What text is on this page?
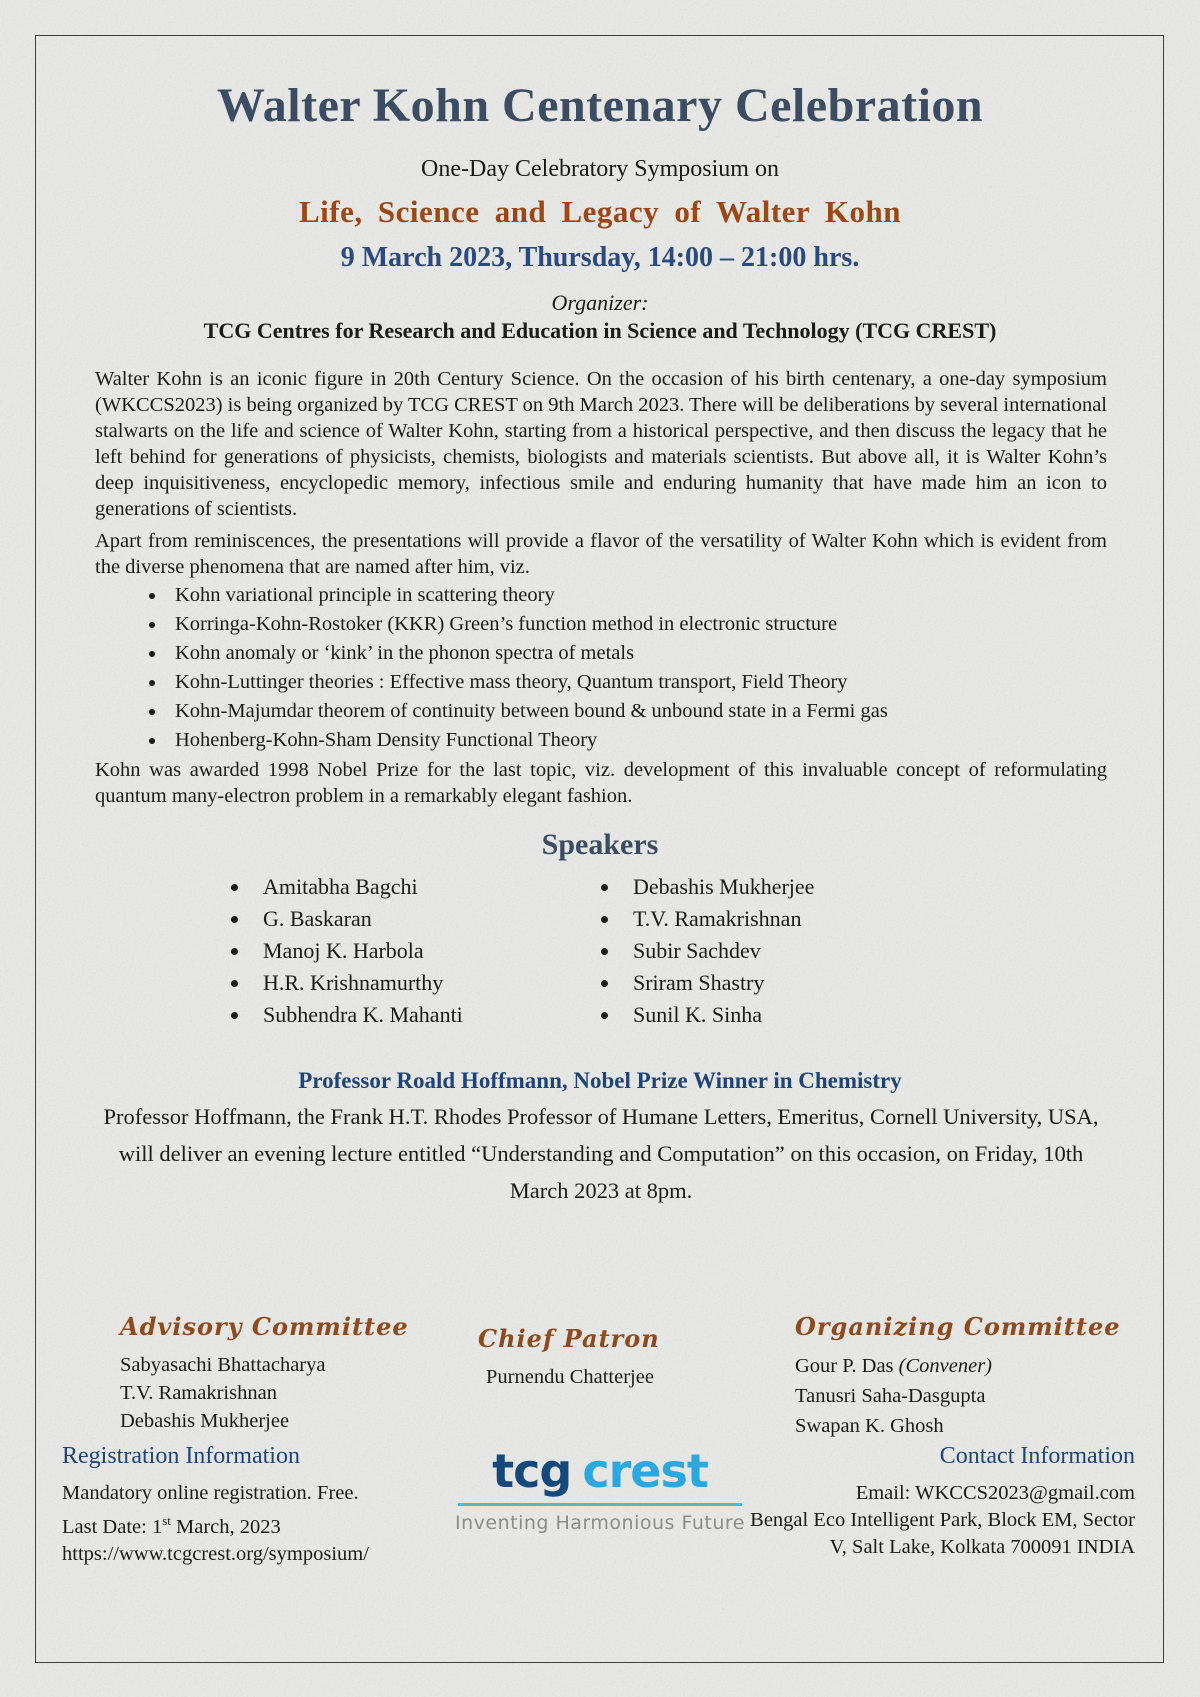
Walter Kohn Centenary Celebration
One-Day Celebratory Symposium on
Life, Science and Legacy of Walter Kohn
9 March 2023, Thursday, 14:00 – 21:00 hrs.
Organizer:
TCG Centres for Research and Education in Science and Technology (TCG CREST)

Walter Kohn is an iconic figure in 20th Century Science. On the occasion of his birth centenary, a one-day symposium (WKCCS2023) is being organized by TCG CREST on 9th March 2023. There will be deliberations by several international stalwarts on the life and science of Walter Kohn, starting from a historical perspective, and then discuss the legacy that he left behind for generations of physicists, chemists, biologists and materials scientists. But above all, it is Walter Kohn’s deep inquisitiveness, encyclopedic memory, infectious smile and enduring humanity that have made him an icon to generations of scientists.

Apart from reminiscences, the presentations will provide a flavor of the versatility of Walter Kohn which is evident from the diverse phenomena that are named after him, viz.

• Kohn variational principle in scattering theory
• Korringa-Kohn-Rostoker (KKR) Green’s function method in electronic structure
• Kohn anomaly or ‘kink’ in the phonon spectra of metals
• Kohn-Luttinger theories : Effective mass theory, Quantum transport, Field Theory
• Kohn-Majumdar theorem of continuity between bound & unbound state in a Fermi gas
• Hohenberg-Kohn-Sham Density Functional Theory

Kohn was awarded 1998 Nobel Prize for the last topic, viz. development of this invaluable concept of reformulating quantum many-electron problem in a remarkably elegant fashion.

Speakers
• Amitabha Bagchi
• G. Baskaran
• Manoj K. Harbola
• H.R. Krishnamurthy
• Subhendra K. Mahanti
• Debashis Mukherjee
• T.V. Ramakrishnan
• Subir Sachdev
• Sriram Shastry
• Sunil K. Sinha
Professor Roald Hoffmann, Nobel Prize Winner in Chemistry

Professor Hoffmann, the Frank H.T. Rhodes Professor of Humane Letters, Emeritus, Cornell University, USA, will deliver an evening lecture entitled “Understanding and Computation” on this occasion, on Friday, 10th March 2023 at 8pm.

Advisory Committee
Sabyasachi Bhattacharya
T.V. Ramakrishnan
Debashis Mukherjee
Chief Patron
Purnendu Chatterjee
Organizing Committee
Gour P. Das (Convener)
Tanusri Saha-Dasgupta
Swapan K. Ghosh
Registration Information
Mandatory online registration. Free.
Last Date: 1st March, 2023
https://www.tcgcrest.org/symposium/
tcg crest
Inventing Harmonious Future
Contact Information
Email: WKCCS2023@gmail.com
Bengal Eco Intelligent Park, Block EM, Sector
V, Salt Lake, Kolkata 700091 INDIA
